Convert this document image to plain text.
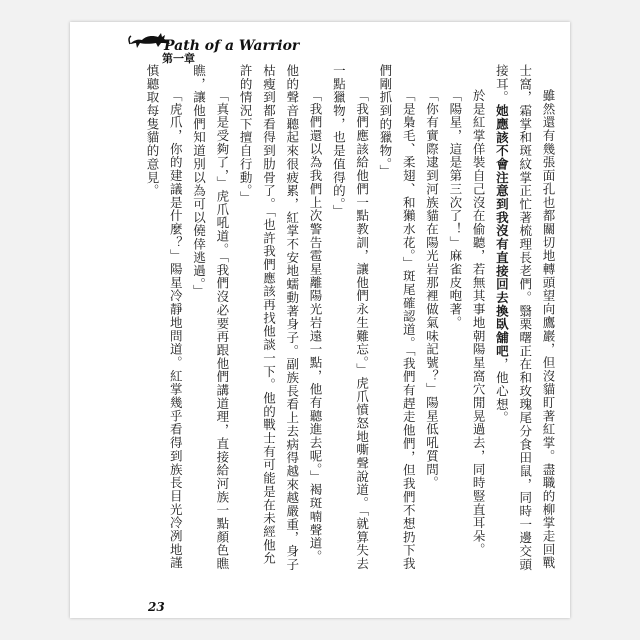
Path of a Warrior
第一章

雖然還有幾張面孔也都關切地轉頭望向鷹巖，但沒貓盯著紅掌。盡職的柳掌走回戰士窩，霜掌和斑紋掌正忙著梳理長老們。翳栗曙正在和玫瑰尾分食田鼠，同時一邊交頭接耳。她應該不會注意到我沒有直接回去換臥舖吧，他心想。

於是紅掌佯裝自己沒在偷聽，若無其事地朝陽星窩穴閒晃過去，同時豎直耳朵。

「陽星，這是第三次了！」麻雀皮咆著。

「你有實際逮到河族貓在陽光岩那裡做氣味記號？」陽星低吼質問。

「是梟毛、柔翅、和獺水花。」斑尾確認道。「我們有趕走他們，但我們不想扔下我們剛抓到的獵物。」

「我們應該給他們一點教訓，讓他們永生難忘。」虎爪憤怒地嘶聲說道。「就算失去一點獵物，也是值得的。」

「我們還以為我們上次警告雹星離陽光岩遠一點，他有聽進去呢。」褐斑喃聲道。他的聲音聽起來很疲累，紅掌不安地蠕動著身子。副族長看上去病得越來越嚴重，身子枯瘦到都看得到肋骨了。「也許我們應該再找他談一下。他的戰士有可能是在未經他允許的情況下擅自行動。」

「真是受夠了，」虎爪吼道。「我們沒必要再跟他們講道理，直接給河族一點顏色瞧瞧，讓他們知道別以為可以僥倖逃過。」

「虎爪，你的建議是什麼？」陽星冷靜地問道。紅掌幾乎看得到族長目光冷冽地謹慎聽取每隻貓的意見。

23
